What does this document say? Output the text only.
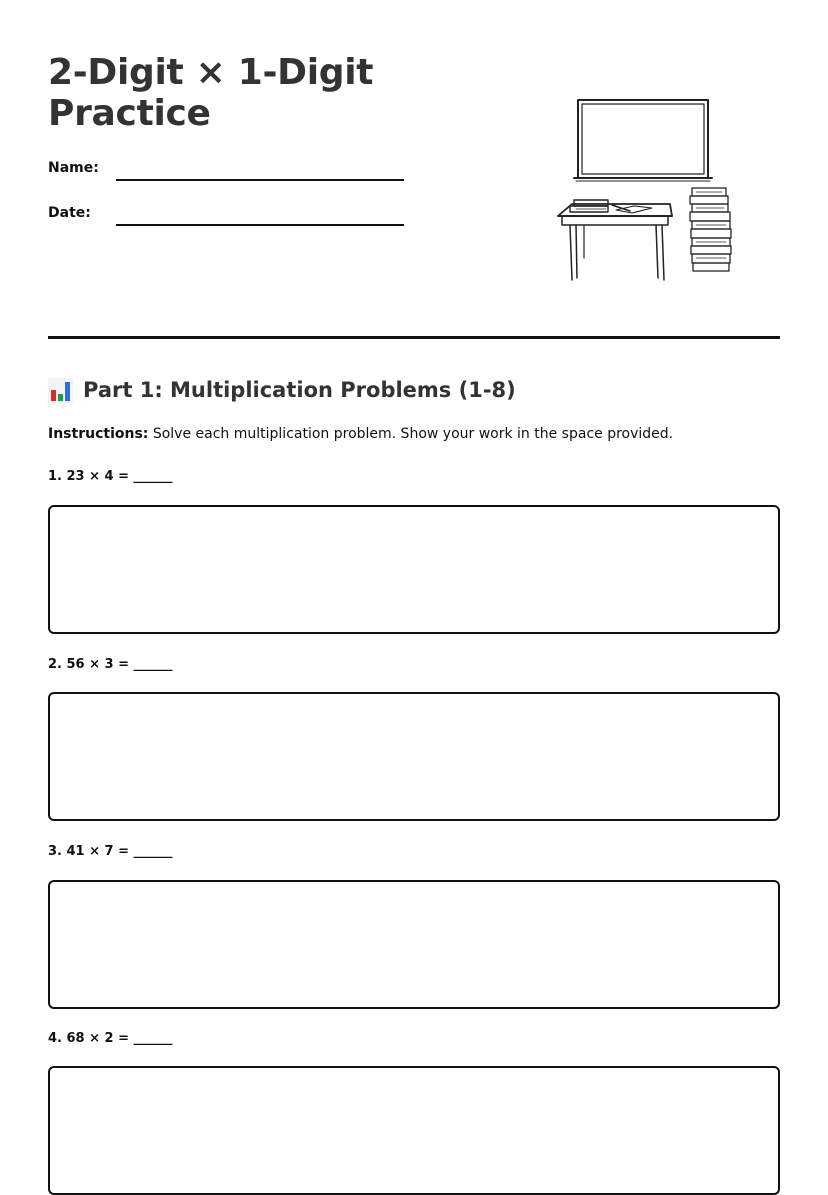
2-Digit × 1-Digit Practice
Name:
Date:
Part 1: Multiplication Problems (1-8)
Instructions: Solve each multiplication problem. Show your work in the space provided.
1. 23 × 4 = ______
2. 56 × 3 = ______
3. 41 × 7 = ______
4. 68 × 2 = ______
